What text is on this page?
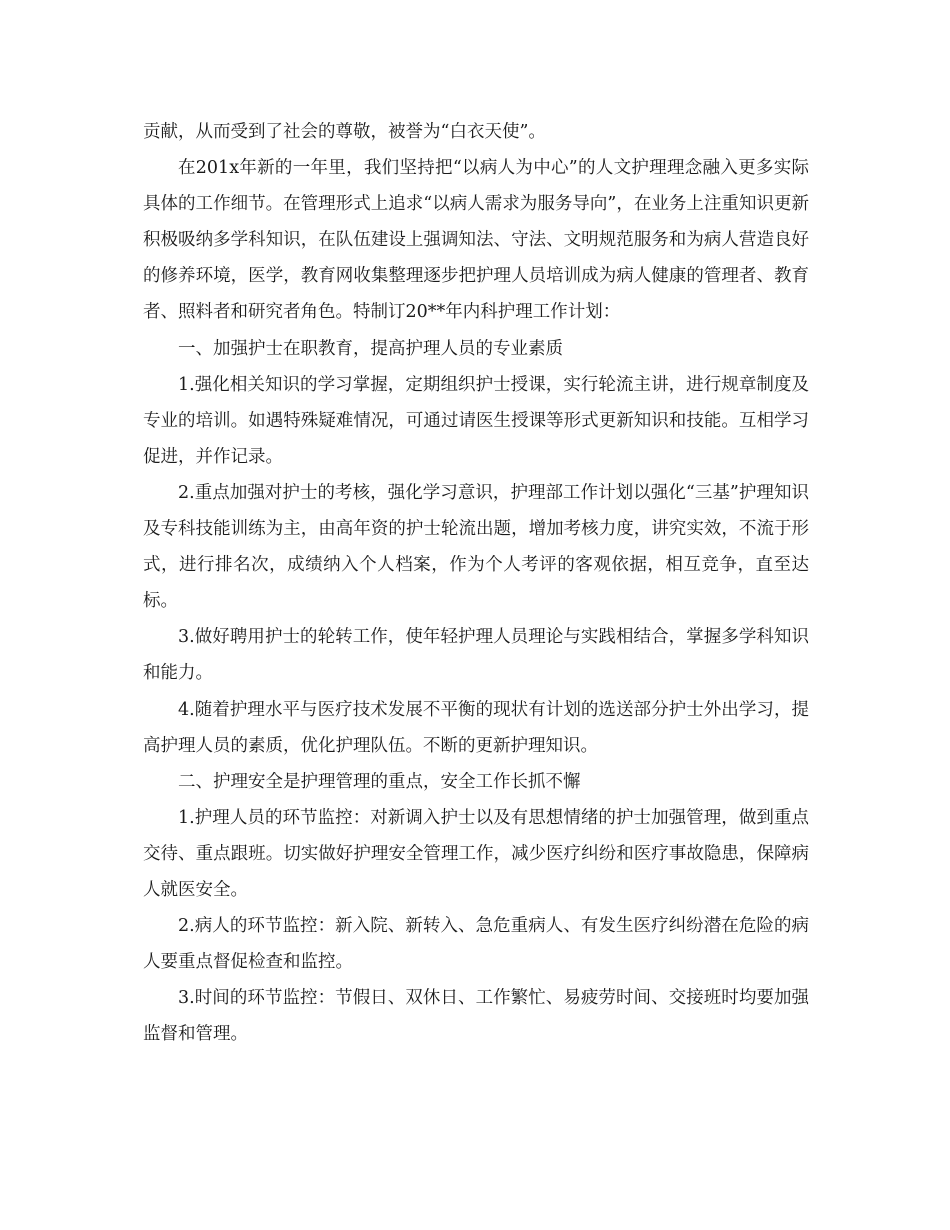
贡献，从而受到了社会的尊敬，被誉为“白衣天使”。

在201x年新的一年里，我们坚持把“以病人为中心”的人文护理理念融入更多实际具体的工作细节。在管理形式上追求“以病人需求为服务导向”，在业务上注重知识更新积极吸纳多学科知识，在队伍建设上强调知法、守法、文明规范服务和为病人营造良好的修养环境，医学，教育网收集整理逐步把护理人员培训成为病人健康的管理者、教育者、照料者和研究者角色。特制订20**年内科护理工作计划：

一、加强护士在职教育，提高护理人员的专业素质

1.强化相关知识的学习掌握，定期组织护士授课，实行轮流主讲，进行规章制度及专业的培训。如遇特殊疑难情况，可通过请医生授课等形式更新知识和技能。互相学习促进，并作记录。

2.重点加强对护士的考核，强化学习意识，护理部工作计划以强化“三基”护理知识及专科技能训练为主，由高年资的护士轮流出题，增加考核力度，讲究实效，不流于形式，进行排名次，成绩纳入个人档案，作为个人考评的客观依据，相互竞争，直至达标。

3.做好聘用护士的轮转工作，使年轻护理人员理论与实践相结合，掌握多学科知识和能力。

4.随着护理水平与医疗技术发展不平衡的现状有计划的选送部分护士外出学习，提高护理人员的素质，优化护理队伍。不断的更新护理知识。

二、护理安全是护理管理的重点，安全工作长抓不懈

1.护理人员的环节监控：对新调入护士以及有思想情绪的护士加强管理，做到重点交待、重点跟班。切实做好护理安全管理工作，减少医疗纠纷和医疗事故隐患，保障病人就医安全。

2.病人的环节监控：新入院、新转入、急危重病人、有发生医疗纠纷潜在危险的病人要重点督促检查和监控。

3.时间的环节监控：节假日、双休日、工作繁忙、易疲劳时间、交接班时均要加强监督和管理。
